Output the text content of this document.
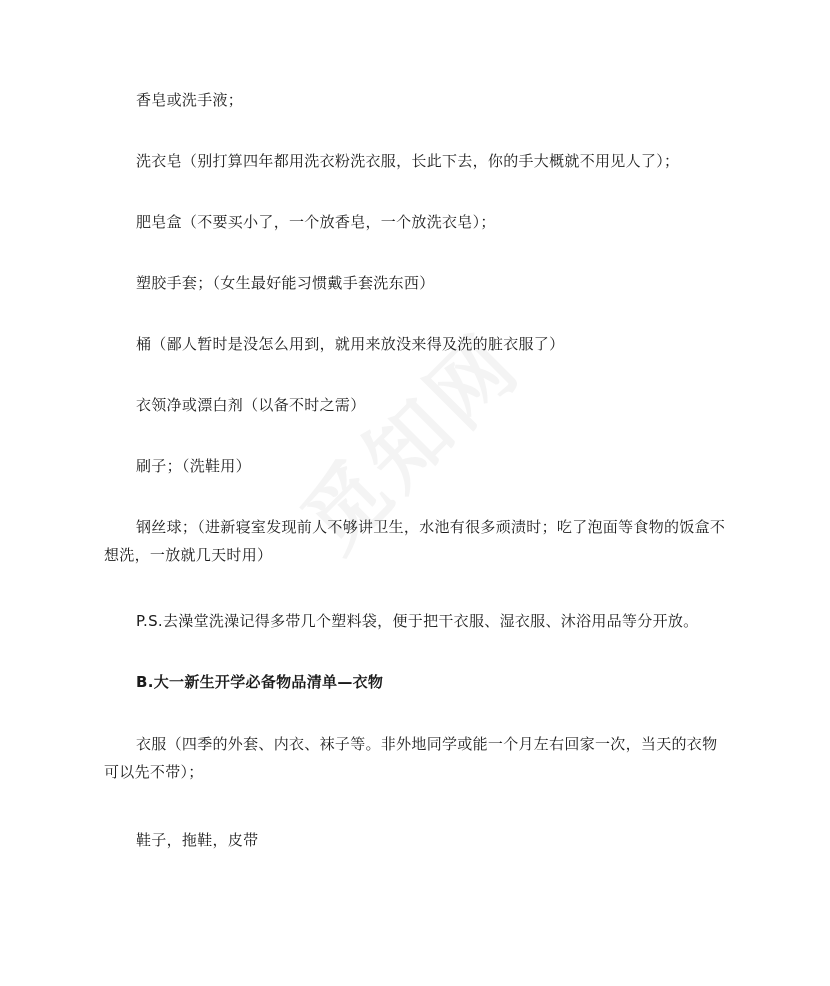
香皂或洗手液；

洗衣皂（别打算四年都用洗衣粉洗衣服，长此下去，你的手大概就不用见人了）；

肥皂盒（不要买小了，一个放香皂，一个放洗衣皂）；

塑胶手套；（女生最好能习惯戴手套洗东西）

桶（鄙人暂时是没怎么用到，就用来放没来得及洗的脏衣服了）

衣领净或漂白剂（以备不时之需）

刷子；（洗鞋用）

钢丝球；（进新寝室发现前人不够讲卫生，水池有很多顽渍时；吃了泡面等食物的饭盒不想洗，一放就几天时用）

P.S.去澡堂洗澡记得多带几个塑料袋，便于把干衣服、湿衣服、沐浴用品等分开放。

B.大一新生开学必备物品清单—衣物

衣服（四季的外套、内衣、袜子等。非外地同学或能一个月左右回家一次，当天的衣物可以先不带）；

鞋子，拖鞋，皮带
